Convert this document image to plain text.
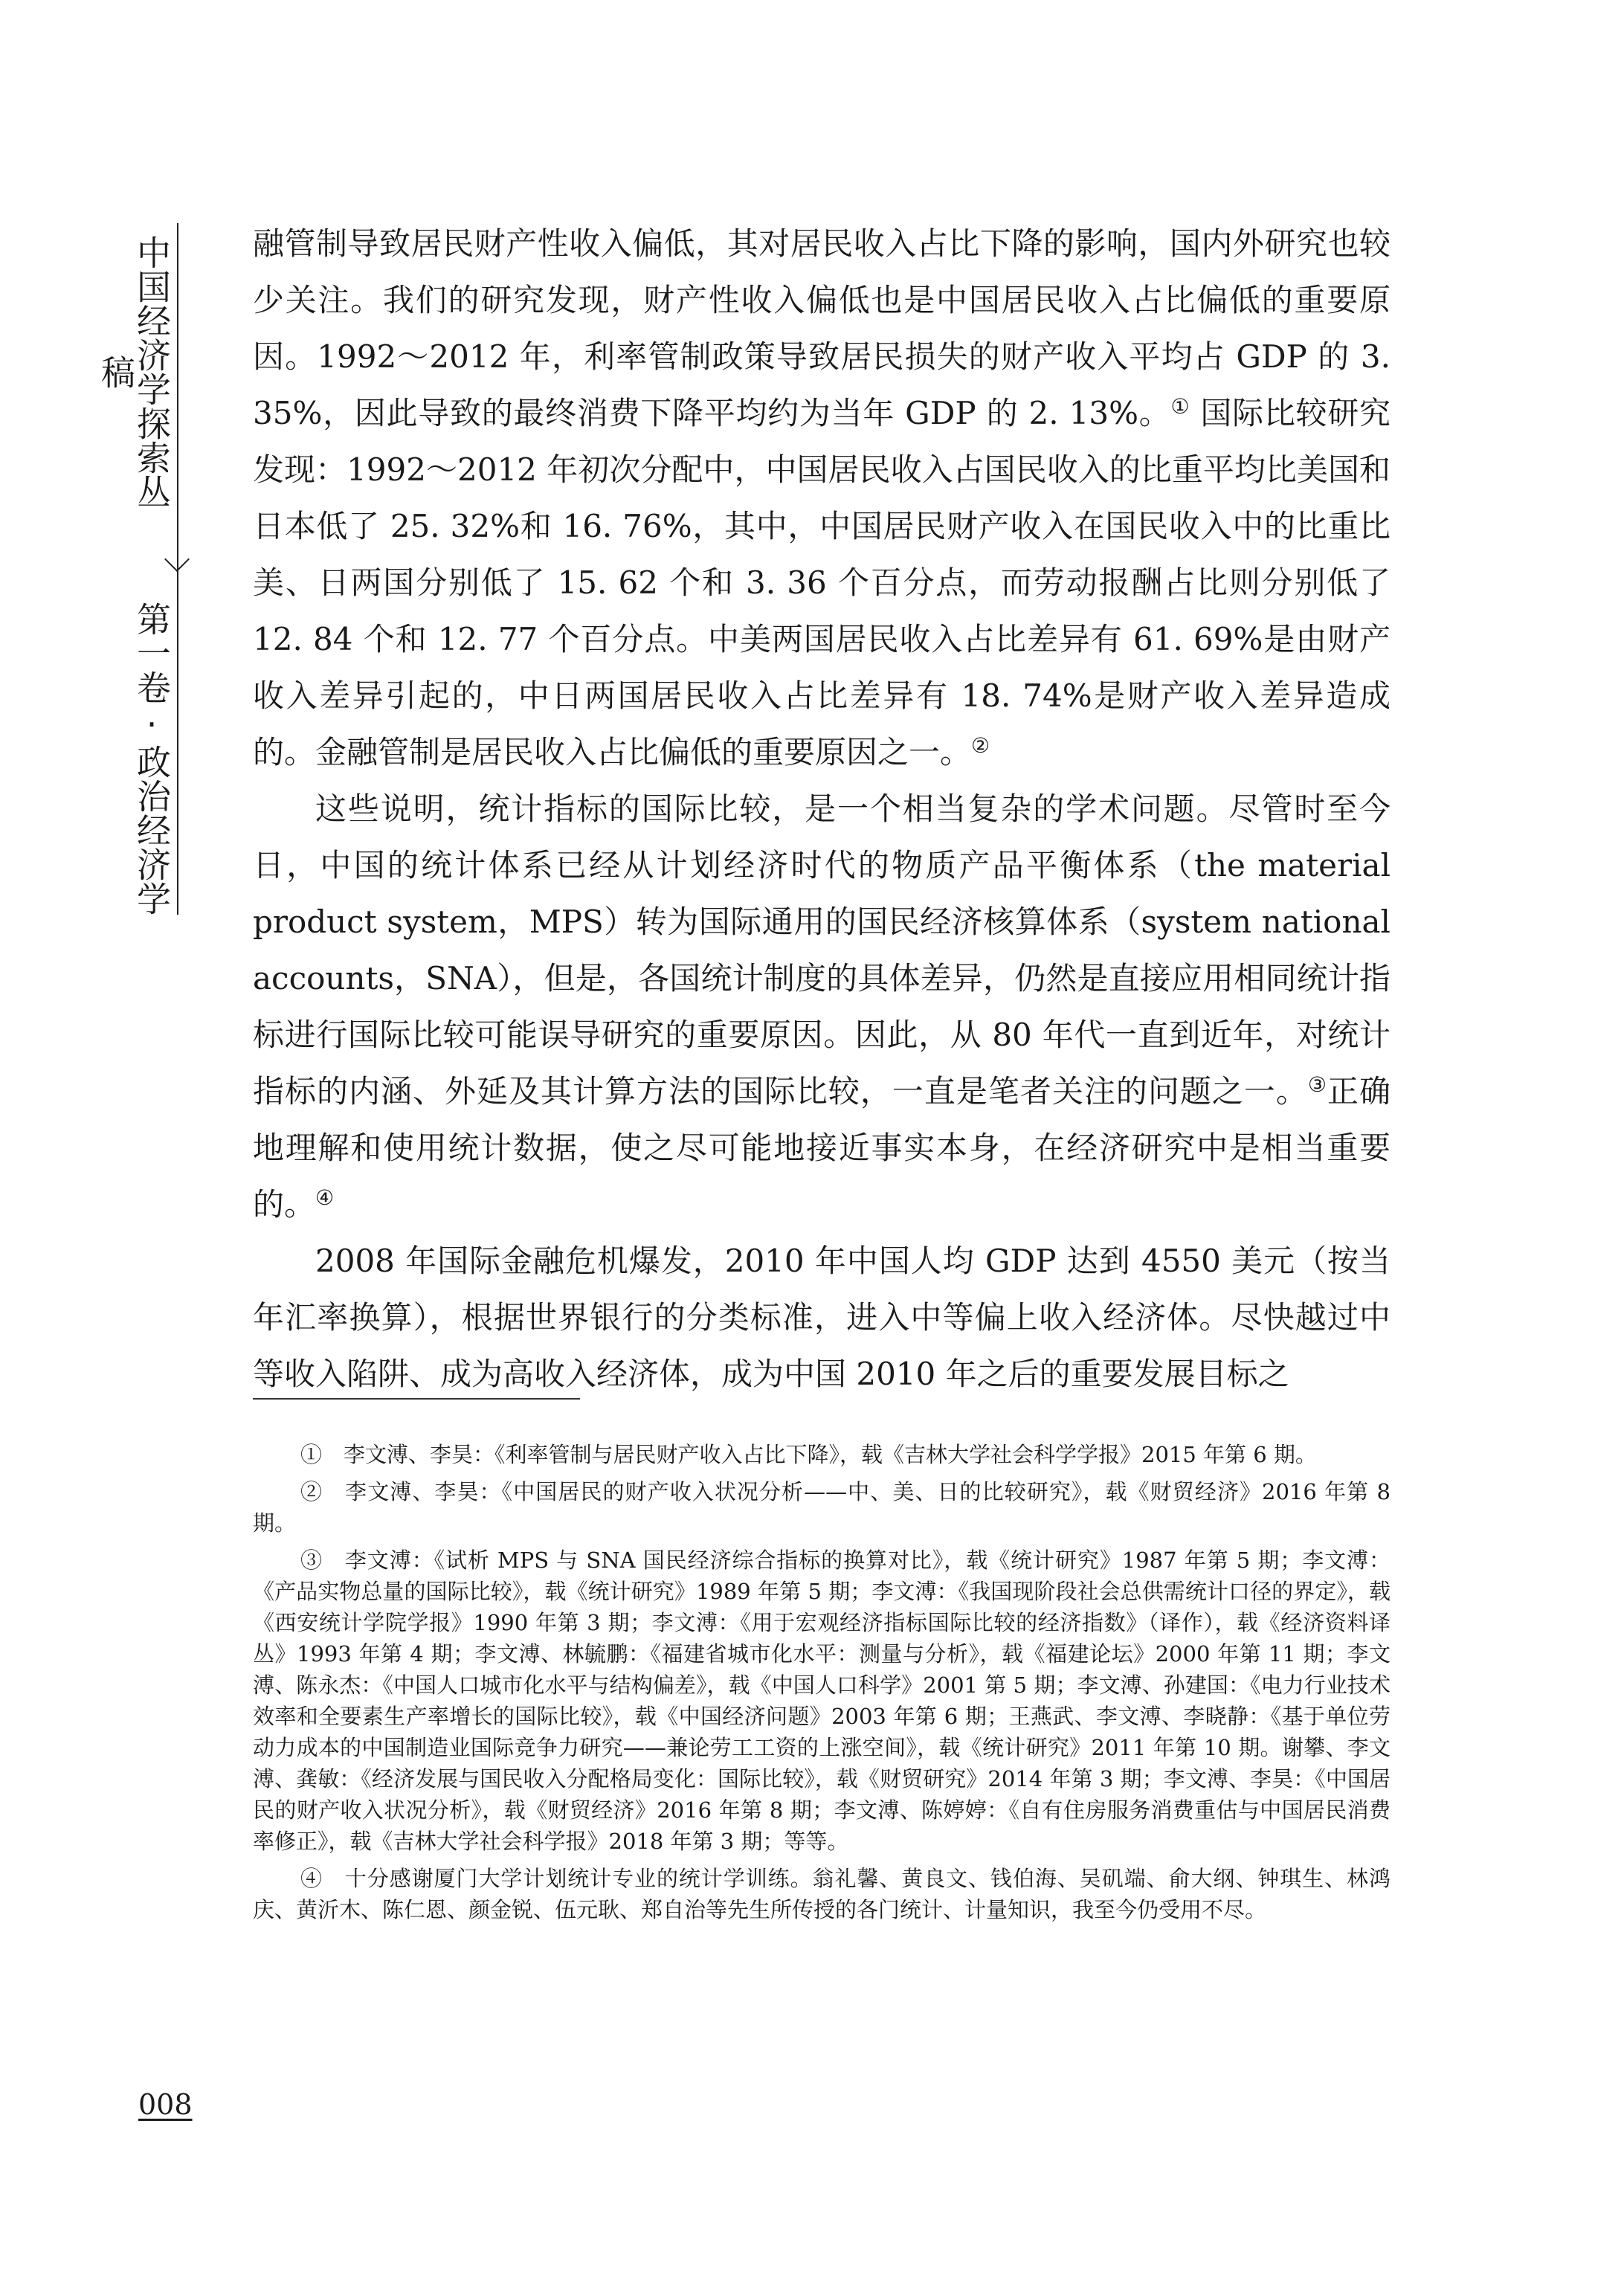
中国经济学探索丛稿
第一卷·政治经济学

融管制导致居民财产性收入偏低，其对居民收入占比下降的影响，国内外研究也较少关注。我们的研究发现，财产性收入偏低也是中国居民收入占比偏低的重要原因。1992～2012 年，利率管制政策导致居民损失的财产收入平均占 GDP 的 3. 35%，因此导致的最终消费下降平均约为当年 GDP 的 2. 13%。① 国际比较研究发现：1992～2012 年初次分配中，中国居民收入占国民收入的比重平均比美国和日本低了 25. 32%和 16. 76%，其中，中国居民财产收入在国民收入中的比重比美、日两国分别低了 15. 62 个和 3. 36 个百分点，而劳动报酬占比则分别低了 12. 84 个和 12. 77 个百分点。中美两国居民收入占比差异有 61. 69%是由财产收入差异引起的，中日两国居民收入占比差异有 18. 74%是财产收入差异造成的。金融管制是居民收入占比偏低的重要原因之一。②

这些说明，统计指标的国际比较，是一个相当复杂的学术问题。尽管时至今日，中国的统计体系已经从计划经济时代的物质产品平衡体系（the material product system，MPS）转为国际通用的国民经济核算体系（system national accounts，SNA），但是，各国统计制度的具体差异，仍然是直接应用相同统计指标进行国际比较可能误导研究的重要原因。因此，从 80 年代一直到近年，对统计指标的内涵、外延及其计算方法的国际比较，一直是笔者关注的问题之一。③正确地理解和使用统计数据，使之尽可能地接近事实本身，在经济研究中是相当重要的。④

2008 年国际金融危机爆发，2010 年中国人均 GDP 达到 4550 美元（按当年汇率换算），根据世界银行的分类标准，进入中等偏上收入经济体。尽快越过中等收入陷阱、成为高收入经济体，成为中国 2010 年之后的重要发展目标之

①　李文溥、李昊：《利率管制与居民财产收入占比下降》，载《吉林大学社会科学学报》2015 年第 6 期。

②　李文溥、李昊：《中国居民的财产收入状况分析——中、美、日的比较研究》，载《财贸经济》2016 年第 8 期。

③　李文溥：《试析 MPS 与 SNA 国民经济综合指标的换算对比》，载《统计研究》1987 年第 5 期；李文溥：《产品实物总量的国际比较》，载《统计研究》1989 年第 5 期；李文溥：《我国现阶段社会总供需统计口径的界定》，载《西安统计学院学报》1990 年第 3 期；李文溥：《用于宏观经济指标国际比较的经济指数》（译作），载《经济资料译丛》1993 年第 4 期；李文溥、林毓鹏：《福建省城市化水平：测量与分析》，载《福建论坛》2000 年第 11 期；李文溥、陈永杰：《中国人口城市化水平与结构偏差》，载《中国人口科学》2001 第 5 期；李文溥、孙建国：《电力行业技术效率和全要素生产率增长的国际比较》，载《中国经济问题》2003 年第 6 期；王燕武、李文溥、李晓静：《基于单位劳动力成本的中国制造业国际竞争力研究——兼论劳工工资的上涨空间》，载《统计研究》2011 年第 10 期。谢攀、李文溥、龚敏：《经济发展与国民收入分配格局变化：国际比较》，载《财贸研究》2014 年第 3 期；李文溥、李昊：《中国居民的财产收入状况分析》，载《财贸经济》2016 年第 8 期；李文溥、陈婷婷：《自有住房服务消费重估与中国居民消费率修正》，载《吉林大学社会科学报》2018 年第 3 期；等等。

④　十分感谢厦门大学计划统计专业的统计学训练。翁礼馨、黄良文、钱伯海、吴矶端、俞大纲、钟琪生、林鸿庆、黄沂木、陈仁恩、颜金锐、伍元耿、郑自治等先生所传授的各门统计、计量知识，我至今仍受用不尽。

008
